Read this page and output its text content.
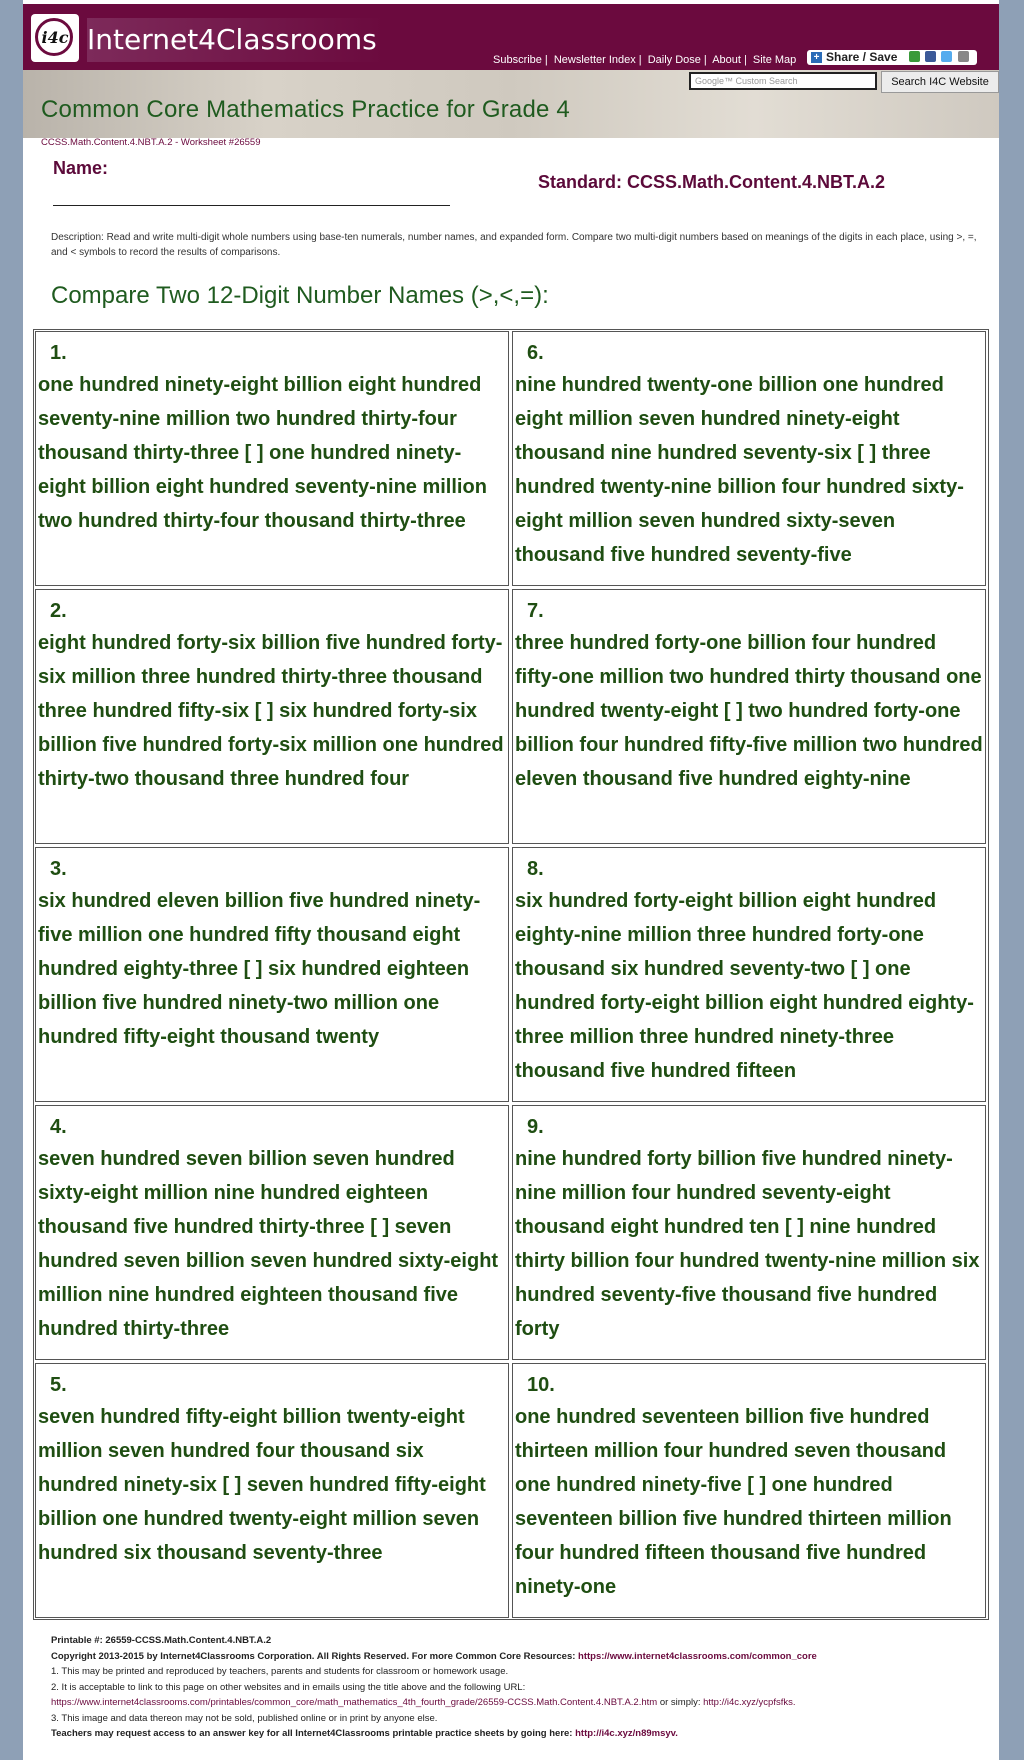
i4c Internet4Classrooms
Subscribe | Newsletter Index | Daily Dose | About | Site Map	+ Share / Save
Common Core Mathematics Practice for Grade 4
Google™ Custom Search	Search I4C Website
CCSS.Math.Content.4.NBT.A.2 - Worksheet #26559
Name:
Standard: CCSS.Math.Content.4.NBT.A.2
Description: Read and write multi-digit whole numbers using base-ten numerals, number names, and expanded form. Compare two multi-digit numbers based on meanings of the digits in each place, using >, =, and < symbols to record the results of comparisons.
Compare Two 12-Digit Number Names (>,<,=):
1.
one hundred ninety-eight billion eight hundred seventy-nine million two hundred thirty-four thousand thirty-three [ ] one hundred ninety-eight billion eight hundred seventy-nine million two hundred thirty-four thousand thirty-three
6.
nine hundred twenty-one billion one hundred eight million seven hundred ninety-eight thousand nine hundred seventy-six [ ] three hundred twenty-nine billion four hundred sixty-eight million seven hundred sixty-seven thousand five hundred seventy-five
2.
eight hundred forty-six billion five hundred forty-six million three hundred thirty-three thousand three hundred fifty-six [ ] six hundred forty-six billion five hundred forty-six million one hundred thirty-two thousand three hundred four
7.
three hundred forty-one billion four hundred fifty-one million two hundred thirty thousand one hundred twenty-eight [ ] two hundred forty-one billion four hundred fifty-five million two hundred eleven thousand five hundred eighty-nine
3.
six hundred eleven billion five hundred ninety-five million one hundred fifty thousand eight hundred eighty-three [ ] six hundred eighteen billion five hundred ninety-two million one hundred fifty-eight thousand twenty
8.
six hundred forty-eight billion eight hundred eighty-nine million three hundred forty-one thousand six hundred seventy-two [ ] one hundred forty-eight billion eight hundred eighty-three million three hundred ninety-three thousand five hundred fifteen
4.
seven hundred seven billion seven hundred sixty-eight million nine hundred eighteen thousand five hundred thirty-three [ ] seven hundred seven billion seven hundred sixty-eight million nine hundred eighteen thousand five hundred thirty-three
9.
nine hundred forty billion five hundred ninety-nine million four hundred seventy-eight thousand eight hundred ten [ ] nine hundred thirty billion four hundred twenty-nine million six hundred seventy-five thousand five hundred forty
5.
seven hundred fifty-eight billion twenty-eight million seven hundred four thousand six hundred ninety-six [ ] seven hundred fifty-eight billion one hundred twenty-eight million seven hundred six thousand seventy-three
10.
one hundred seventeen billion five hundred thirteen million four hundred seven thousand one hundred ninety-five [ ] one hundred seventeen billion five hundred thirteen million four hundred fifteen thousand five hundred ninety-one
Printable #: 26559-CCSS.Math.Content.4.NBT.A.2
Copyright 2013-2015 by Internet4Classrooms Corporation. All Rights Reserved. For more Common Core Resources: https://www.internet4classrooms.com/common_core
1. This may be printed and reproduced by teachers, parents and students for classroom or homework usage.
2. It is acceptable to link to this page on other websites and in emails using the title above and the following URL:
https://www.internet4classrooms.com/printables/common_core/math_mathematics_4th_fourth_grade/26559-CCSS.Math.Content.4.NBT.A.2.htm or simply: http://i4c.xyz/ycpfsfks.
3. This image and data thereon may not be sold, published online or in print by anyone else.
Teachers may request access to an answer key for all Internet4Classrooms printable practice sheets by going here: http://i4c.xyz/n89msyv.
